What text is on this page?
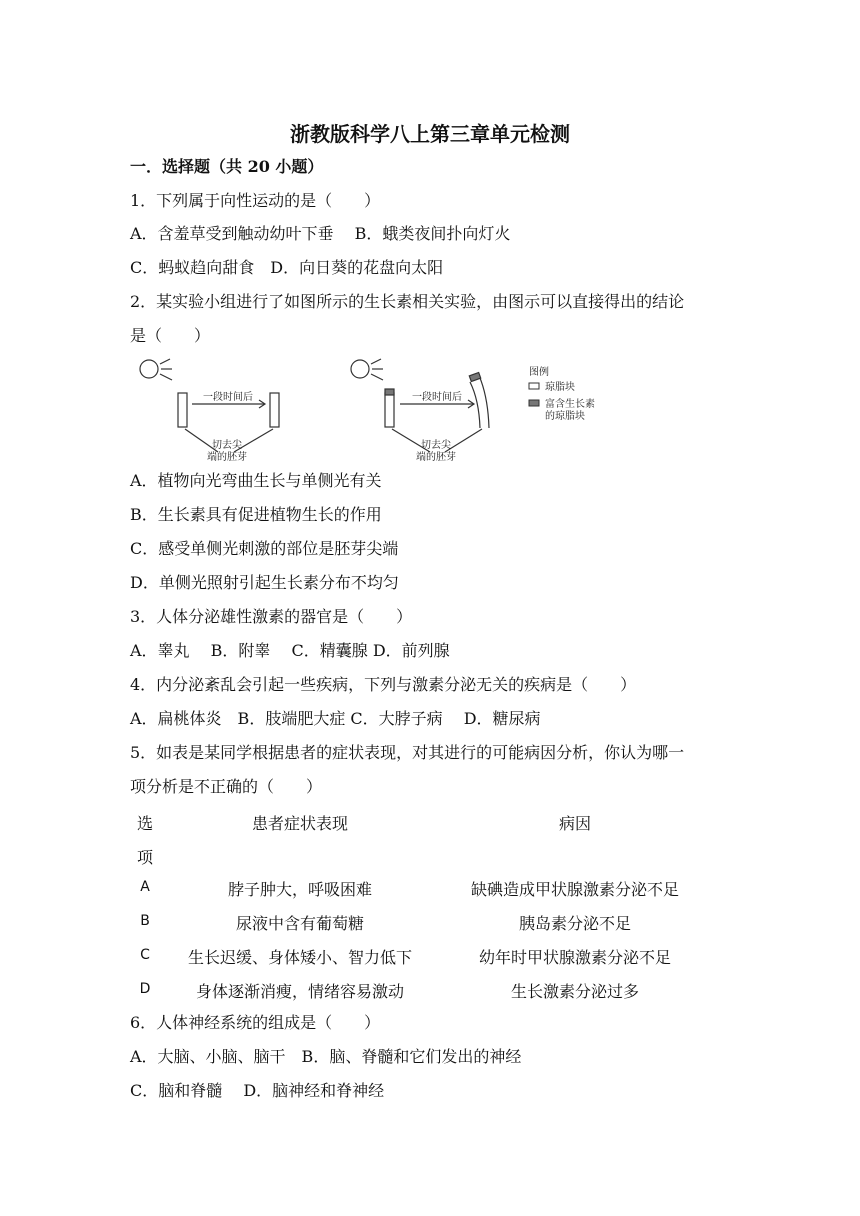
浙教版科学八上第三章单元检测
一．选择题（共 20 小题）
1．下列属于向性运动的是（　　）
A．含羞草受到触动幼叶下垂　 B．蛾类夜间扑向灯火
C．蚂蚁趋向甜食　D．向日葵的花盘向太阳
2．某实验小组进行了如图所示的生长素相关实验，由图示可以直接得出的结论
是（　　）
一段时间后
切去尖
端的胚芽
一段时间后
切去尖
端的胚芽
图例
琼脂块
富含生长素
的琼脂块
A．植物向光弯曲生长与单侧光有关
B．生长素具有促进植物生长的作用
C．感受单侧光刺激的部位是胚芽尖端
D．单侧光照射引起生长素分布不均匀
3．人体分泌雄性激素的器官是（　　）
A．睾丸　 B．附睾　 C．精囊腺 D．前列腺
4．内分泌紊乱会引起一些疾病，下列与激素分泌无关的疾病是（　　）
A．扁桃体炎　B．肢端肥大症 C．大脖子病　 D．糖尿病
5．如表是某同学根据患者的症状表现，对其进行的可能病因分析，你认为哪一
项分析是不正确的（　　）
选
项
患者症状表现	病因
A	脖子肿大，呼吸困难	缺碘造成甲状腺激素分泌不足
B	尿液中含有葡萄糖	胰岛素分泌不足
C	生长迟缓、身体矮小、智力低下	幼年时甲状腺激素分泌不足
D	身体逐渐消瘦，情绪容易激动	生长激素分泌过多
6．人体神经系统的组成是（　　）
A．大脑、小脑、脑干　B．脑、脊髓和它们发出的神经
C．脑和脊髓　 D．脑神经和脊神经
